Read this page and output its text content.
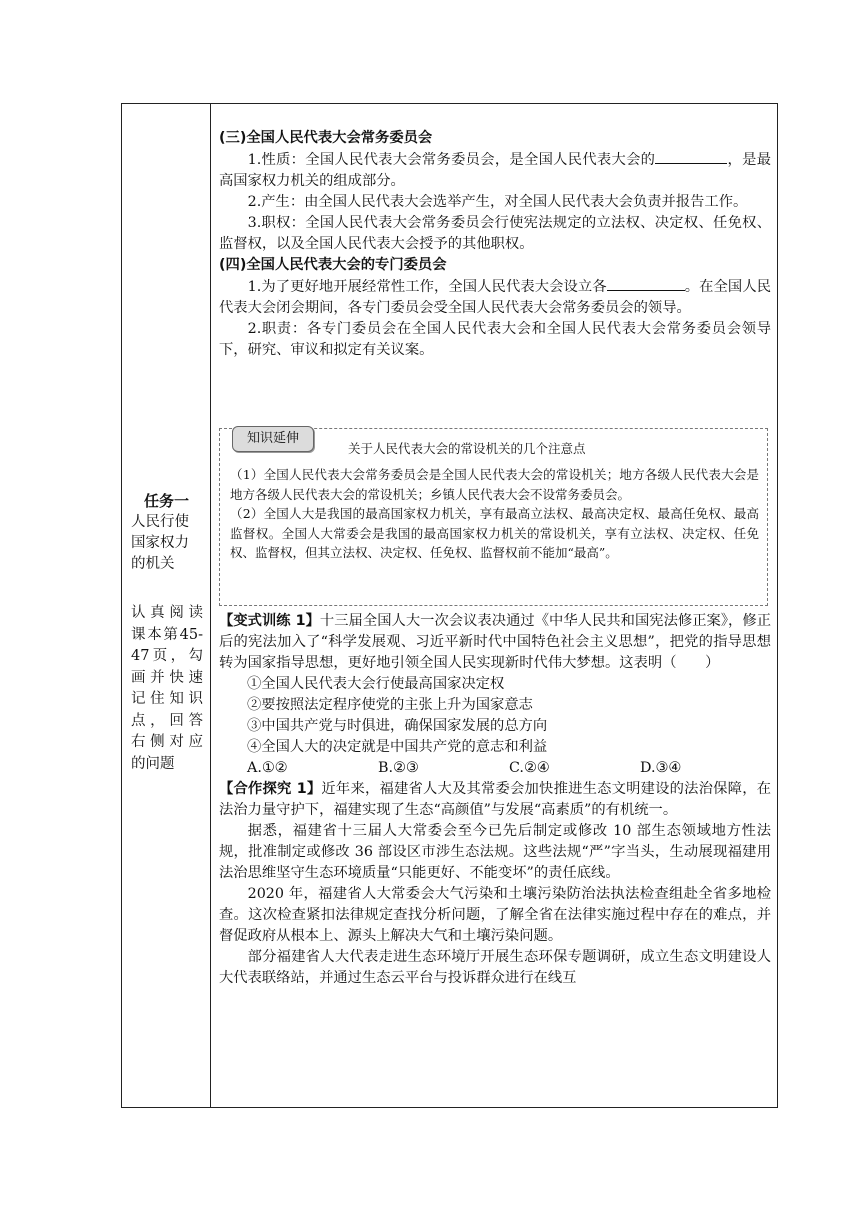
任务一
人民行使国家权力的机关
认真阅读课本第45-47页，勾画并快速记住知识点，回答右侧对应的问题
(三)全国人民代表大会常务委员会

1.性质：全国人民代表大会常务委员会，是全国人民代表大会的	，是最高国家权力机关的组成部分。

2.产生：由全国人民代表大会选举产生，对全国人民代表大会负责并报告工作。

3.职权：全国人民代表大会常务委员会行使宪法规定的立法权、决定权、任免权、监督权，以及全国人民代表大会授予的其他职权。

(四)全国人民代表大会的专门委员会

1.为了更好地开展经常性工作，全国人民代表大会设立各	。在全国人民代表大会闭会期间，各专门委员会受全国人民代表大会常务委员会的领导。

2.职责：各专门委员会在全国人民代表大会和全国人民代表大会常务委员会领导下，研究、审议和拟定有关议案。

知识延伸
关于人民代表大会的常设机关的几个注意点
（1）全国人民代表大会常务委员会是全国人民代表大会的常设机关；地方各级人民代表大会是地方各级人民代表大会的常设机关；乡镇人民代表大会不设常务委员会。
（2）全国人大是我国的最高国家权力机关，享有最高立法权、最高决定权、最高任免权、最高监督权。全国人大常委会是我国的最高国家权力机关的常设机关，享有立法权、决定权、任免权、监督权，但其立法权、决定权、任免权、监督权前不能加“最高”。

【变式训练 1】十三届全国人大一次会议表决通过《中华人民共和国宪法修正案》，修正后的宪法加入了“科学发展观、习近平新时代中国特色社会主义思想”，把党的指导思想转为国家指导思想，更好地引领全国人民实现新时代伟大梦想。这表明（　　）

①全国人民代表大会行使最高国家决定权

②要按照法定程序使党的主张上升为国家意志

③中国共产党与时俱进，确保国家发展的总方向

④全国人大的决定就是中国共产党的意志和利益

A.①②	B.②③	C.②④	D.③④

【合作探究 1】近年来，福建省人大及其常委会加快推进生态文明建设的法治保障，在法治力量守护下，福建实现了生态“高颜值”与发展“高素质”的有机统一。

据悉，福建省十三届人大常委会至今已先后制定或修改 10 部生态领域地方性法规，批准制定或修改 36 部设区市涉生态法规。这些法规“严”字当头，生动展现福建用法治思维坚守生态环境质量“只能更好、不能变坏”的责任底线。

2020 年，福建省人大常委会大气污染和土壤污染防治法执法检查组赴全省多地检查。这次检查紧扣法律规定查找分析问题，了解全省在法律实施过程中存在的难点，并督促政府从根本上、源头上解决大气和土壤污染问题。

部分福建省人大代表走进生态环境厅开展生态环保专题调研，成立生态文明建设人大代表联络站，并通过生态云平台与投诉群众进行在线互
